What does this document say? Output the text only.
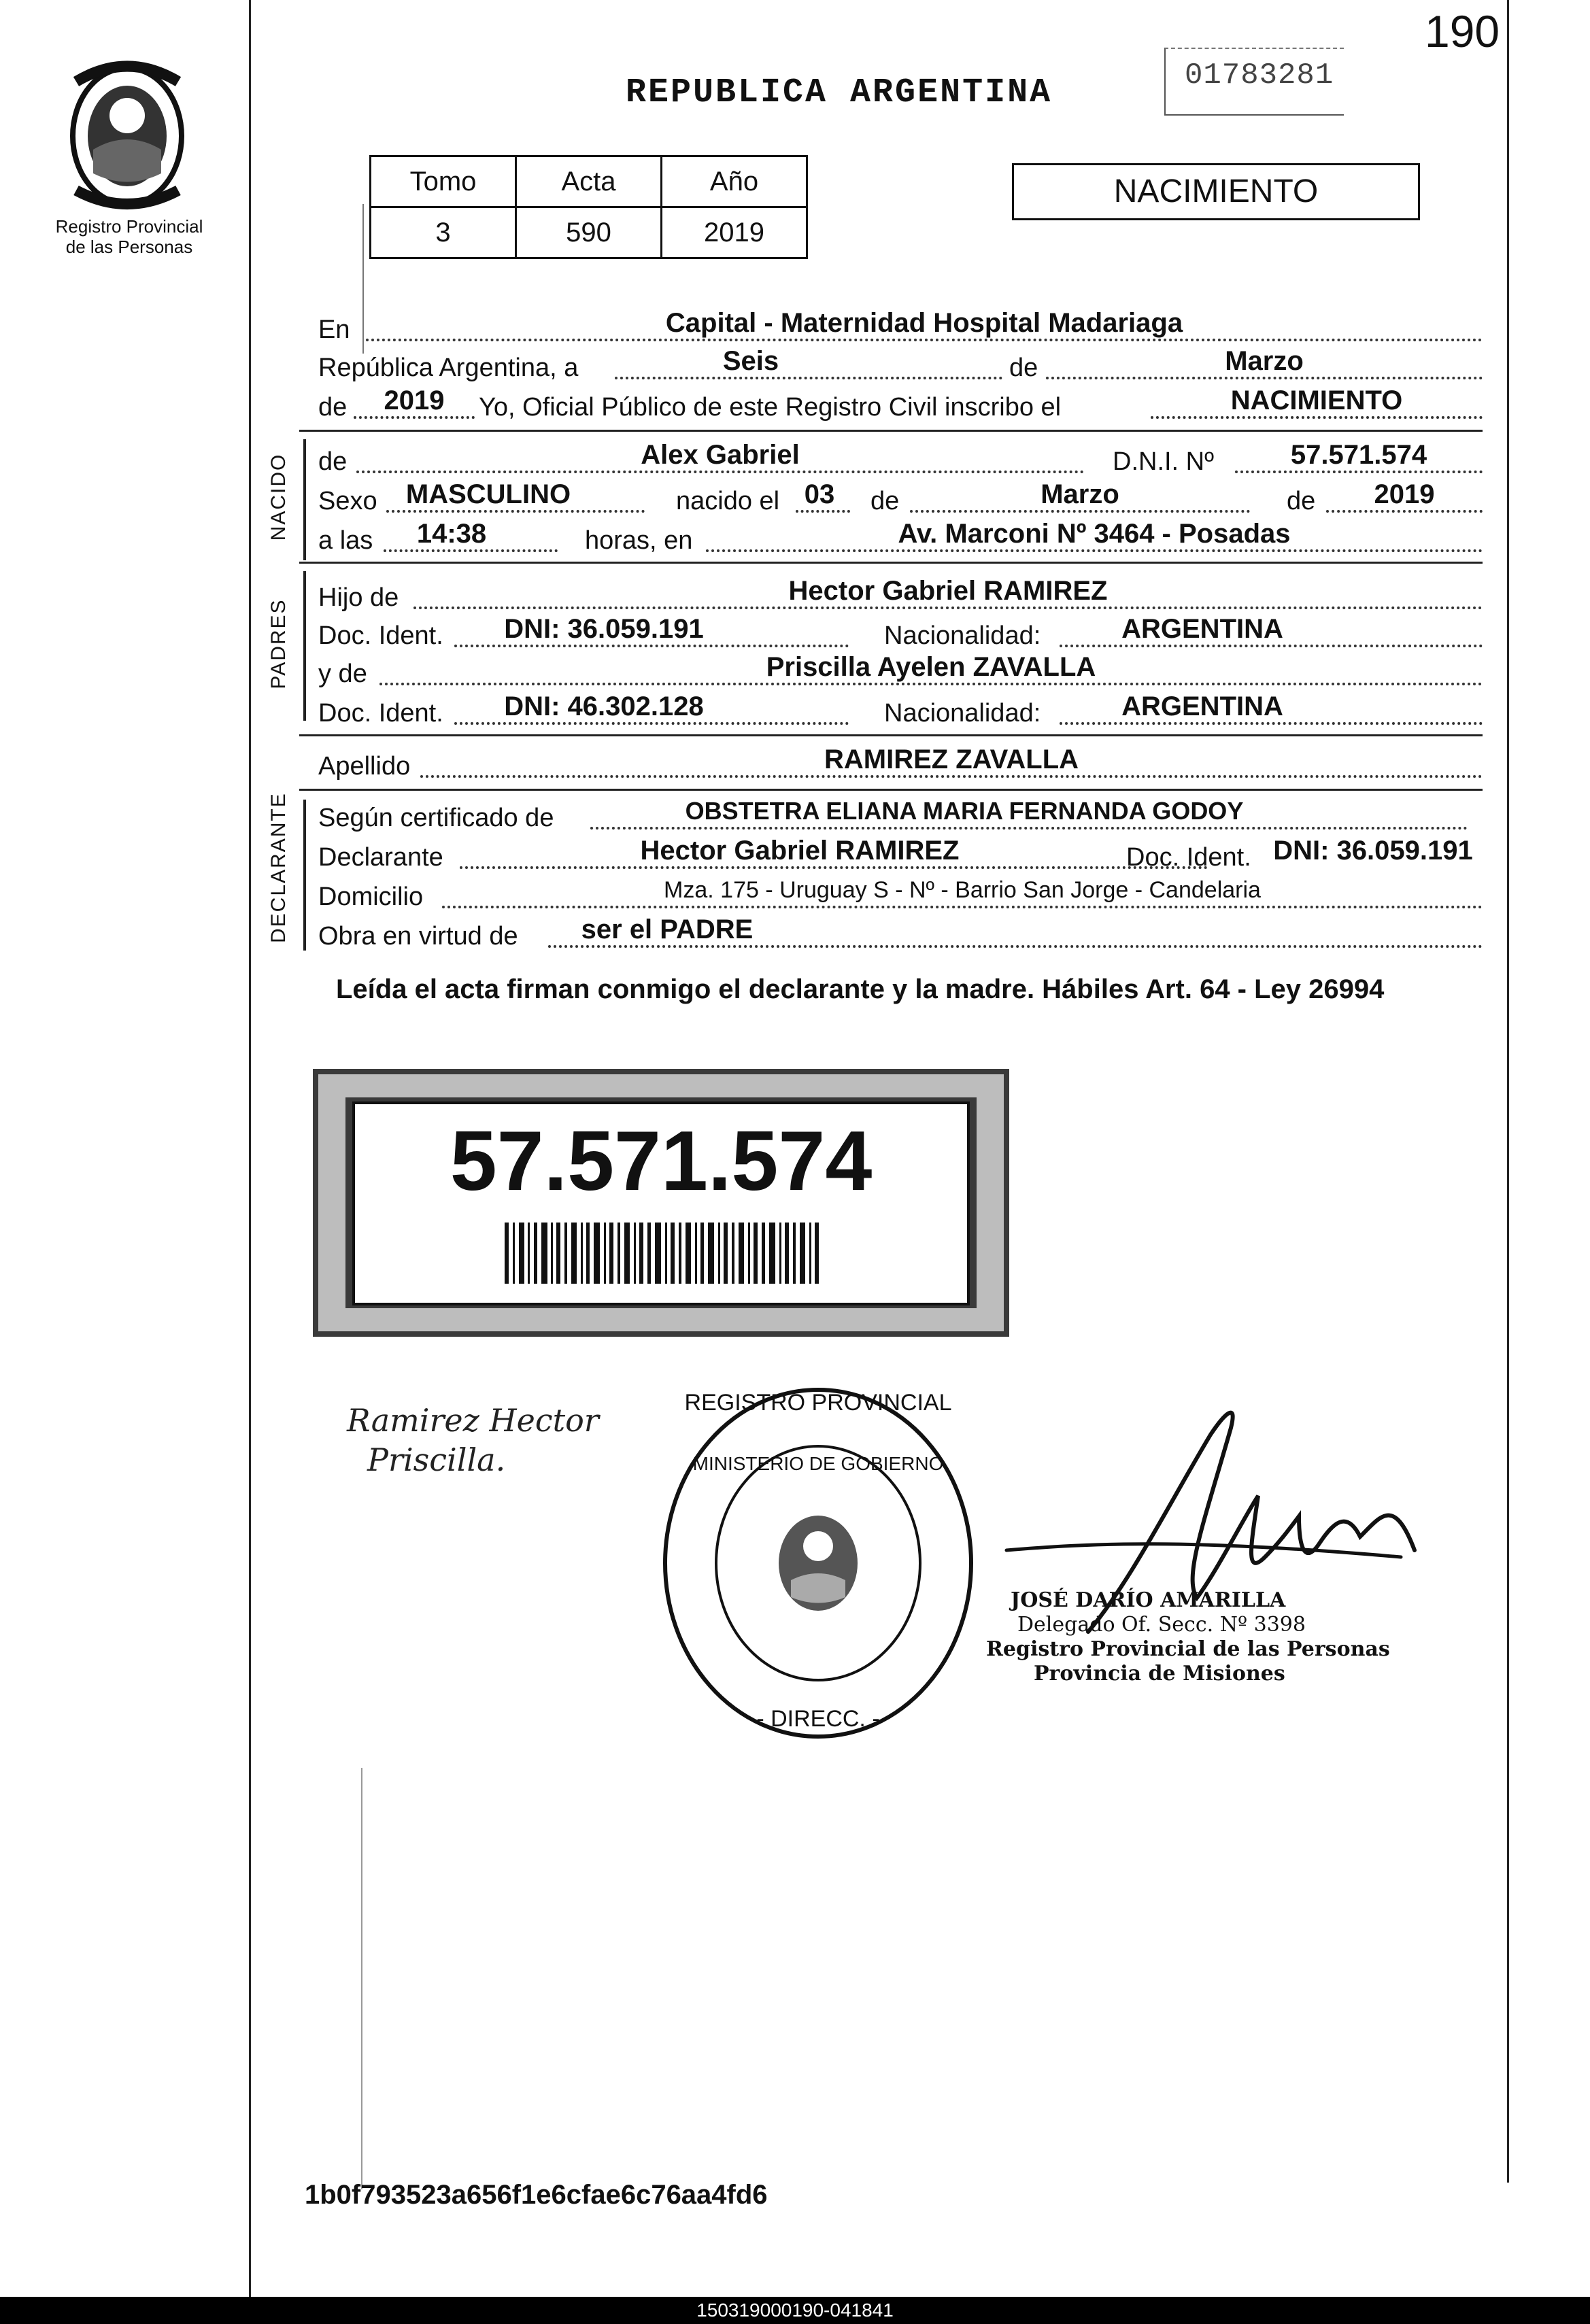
190
01783281
Registro Provincial
de las Personas
REPUBLICA ARGENTINA
Tomo	Acta	Año
3	590	2019
NACIMIENTO
En	Capital - Maternidad Hospital Madariaga
República Argentina, a	Seis	de	Marzo
de	2019	Yo, Oficial Público de este Registro Civil inscribo el	NACIMIENTO
NACIDO de	Alex Gabriel	D.N.I. Nº	57.571.574
Sexo	MASCULINO	nacido el 03	de	Marzo	de	2019
a las	14:38	horas, en	Av. Marconi Nº 3464 - Posadas
PADRES
Hijo de	Hector Gabriel RAMIREZ
Doc. Ident.	DNI: 36.059.191	Nacionalidad:	ARGENTINA
y de	Priscilla Ayelen ZAVALLA
Doc. Ident.	DNI: 46.302.128	Nacionalidad:	ARGENTINA
Apellido	RAMIREZ ZAVALLA
DECLARANTE Según certificado de	OBSTETRA ELIANA MARIA FERNANDA GODOY
Declarante	Hector Gabriel RAMIREZ	Doc. Ident. DNI: 36.059.191
Domicilio	Mza. 175 - Uruguay S - Nº - Barrio San Jorge - Candelaria
Obra en virtud de	ser el PADRE
Leída el acta firman conmigo el declarante y la madre. Hábiles Art. 64 - Ley 26994
57.571.574
Ramirez Hector
Priscilla.
REGISTRO PROVINCIAL
- DIRECC. -
MINISTERIO DE GOBIERNO
JOSÉ DARÍO AMARILLA
Delegado Of. Secc. Nº 3398
Registro Provincial de las Personas
Provincia de Misiones
1b0f793523a656f1e6cfae6c76aa4fd6
150319000190-041841
